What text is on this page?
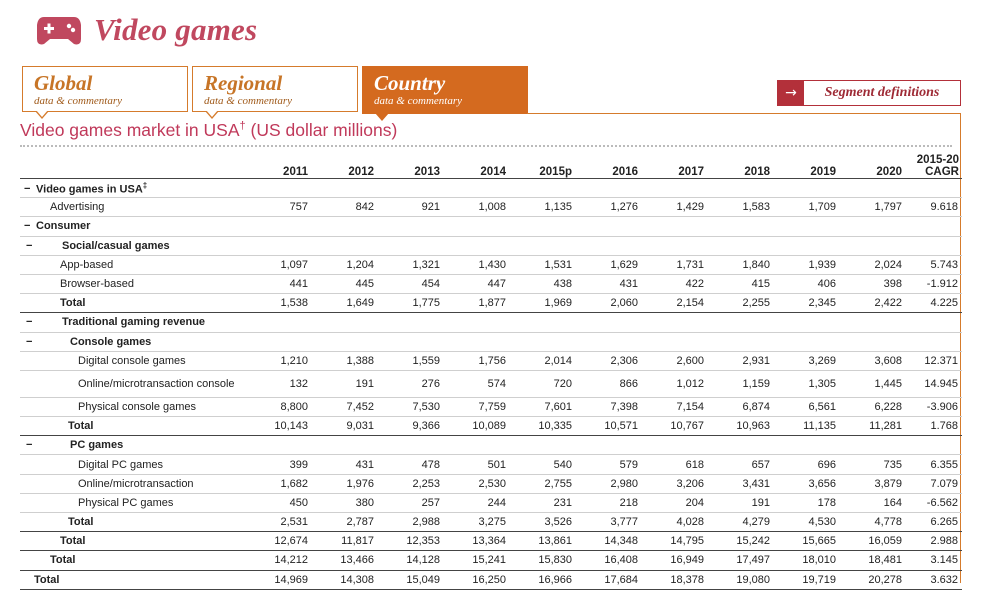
Video games
Global
data & commentary
Regional
data & commentary
Country
data & commentary	→	Segment definitions
Video games market in USA† (US dollar millions)
	2011	2012	2013	2014	2015p	2016	2017	2018	2019	2020	2015-20
CAGR
− Video games in USA‡
Advertising	757	842	921	1,008	1,135	1,276	1,429	1,583	1,709	1,797	9.618
− Consumer											
− Social/casual games											
App-based	1,097	1,204	1,321	1,430	1,531	1,629	1,731	1,840	1,939	2,024	5.743
Browser-based	441	445	454	447	438	431	422	415	406	398	-1.912
Total	1,538	1,649	1,775	1,877	1,969	2,060	2,154	2,255	2,345	2,422	4.225
− Traditional gaming revenue											
− Console games											
Digital console games	1,210	1,388	1,559	1,756	2,014	2,306	2,600	2,931	3,269	3,608	12.371
Online/microtransaction console	132	191	276	574	720	866	1,012	1,159	1,305	1,445	14.945
Physical console games	8,800	7,452	7,530	7,759	7,601	7,398	7,154	6,874	6,561	6,228	-3.906
Total	10,143	9,031	9,366	10,089	10,335	10,571	10,767	10,963	11,135	11,281	1.768
− PC games											
Digital PC games	399	431	478	501	540	579	618	657	696	735	6.355
Online/microtransaction	1,682	1,976	2,253	2,530	2,755	2,980	3,206	3,431	3,656	3,879	7.079
Physical PC games	450	380	257	244	231	218	204	191	178	164	-6.562
Total	2,531	2,787	2,988	3,275	3,526	3,777	4,028	4,279	4,530	4,778	6.265
Total	12,674	11,817	12,353	13,364	13,861	14,348	14,795	15,242	15,665	16,059	2.988
Total	14,212	13,466	14,128	15,241	15,830	16,408	16,949	17,497	18,010	18,481	3.145
Total	14,969	14,308	15,049	16,250	16,966	17,684	18,378	19,080	19,719	20,278	3.632
